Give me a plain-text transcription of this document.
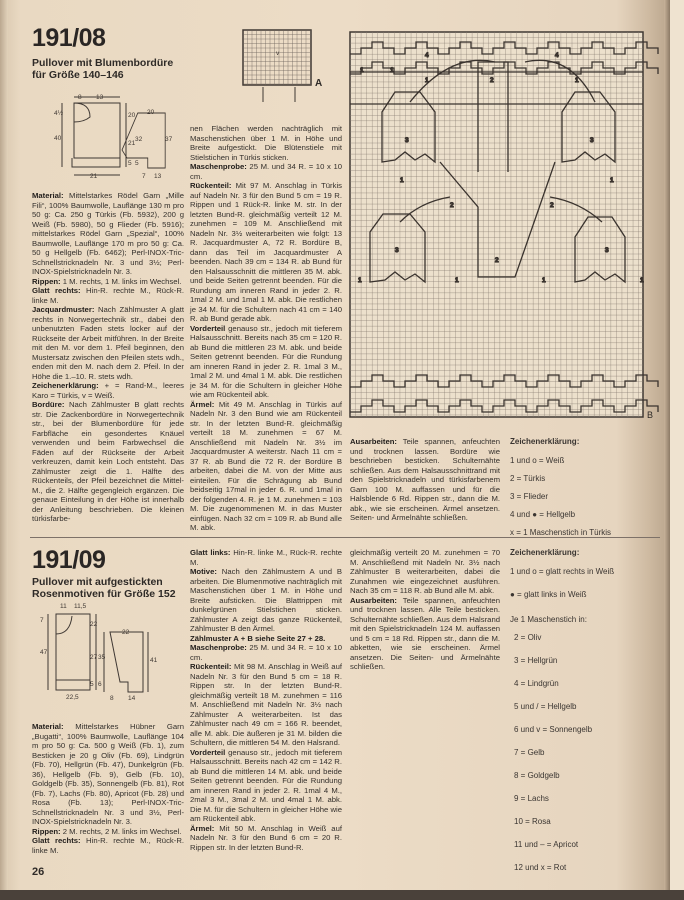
191/08
Pullover mit Blumenbordüre
für Größe 140–146
8 13
4½
40
20
21
5
21
20
32
5
37
7 13
v
A	1	2	1
3	3
1
2	2
2
3	3
1
1	1	1	1
4	4
1	1
B

Material: Mittelstarkes Rödel Garn „Mille Fili“, 100% Baumwolle, Lauflänge 130 m pro 50 g: Ca. 250 g Türkis (Fb. 5932), 200 g Weiß (Fb. 5980), 50 g Flieder (Fb. 5916); mittelstarkes Rödel Garn „Spezial“, 100% Baumwolle, Lauflänge 170 m pro 50 g: Ca. 50 g Hellgelb (Fb. 6462); Perl-INOX-Tric-Schnellstricknadeln Nr. 3 und 3½; Perl-INOX-Spielstricknadeln Nr. 3.

Rippen: 1 M. rechts, 1 M. links im Wechsel.

Glatt rechts: Hin-R. rechte M., Rück-R. linke M.

Jacquardmuster: Nach Zählmuster A glatt rechts in Norwegertechnik str., dabei den unbenutzten Faden stets locker auf der Rückseite der Arbeit mitführen. In der Breite mit den M. vor dem 1. Pfeil beginnen, den Mustersatz zwischen den Pfeilen stets wdh., enden mit den M. nach dem 2. Pfeil. In der Höhe die 1.–10. R. stets wdh.

Zeichenerklärung: + = Rand-M., leeres Karo = Türkis, v = Weiß.

Bordüre: Nach Zählmuster B glatt rechts str. Die Zackenbordüre in Norwegertechnik str., bei der Blumenbordüre für jede Farbfläche ein gesondertes Knäuel verwenden und beim Farbwechsel die Fäden auf der Rückseite der Arbeit verkreuzen, damit kein Loch entsteht. Das Zählmuster zeigt die 1. Hälfte des Rückenteils, der Pfeil bezeichnet die Mittel-M., die 2. Hälfte gegengleich ergänzen. Die genaue Einteilung in der Höhe ist innerhalb der Anleitung beschrieben. Die kleinen türkisfarbe-

nen Flächen werden nachträglich mit Maschenstichen über 1 M. in Höhe und Breite aufgestickt. Die Blütenstiele mit Stielstichen in Türkis sticken.

Maschenprobe: 25 M. und 34 R. = 10 x 10 cm.

Rückenteil: Mit 97 M. Anschlag in Türkis auf Nadeln Nr. 3 für den Bund 5 cm = 19 R. Rippen und 1 Rück-R. linke M. str. In der letzten Bund-R. gleichmäßig verteilt 12 M. zunehmen = 109 M. Anschließend mit Nadeln Nr. 3½ weiterarbeiten wie folgt: 13 R. Jacquardmuster A, 72 R. Bordüre B, dann das Teil im Jacquardmuster A beenden. Nach 39 cm = 134 R. ab Bund für den Halsausschnitt die mittleren 35 M. abk. und beide Seiten getrennt beenden. Für die Rundung am inneren Rand in jeder 2. R. 1mal 2 M. und 1mal 1 M. abk. Die restlichen je 34 M. für die Schultern nach 41 cm = 140 R. ab Bund gerade abk.

Vorderteil genauso str., jedoch mit tieferem Halsausschnitt. Bereits nach 35 cm = 120 R. ab Bund die mittleren 23 M. abk. und beide Seiten getrennt beenden. Für die Rundung am inneren Rand in jeder 2. R. 1mal 3 M., 1mal 2 M. und 4mal 1 M. abk. Die restlichen je 34 M. für die Schultern in gleicher Höhe wie am Rückenteil abk.

Ärmel: Mit 49 M. Anschlag in Türkis auf Nadeln Nr. 3 den Bund wie am Rückenteil str. In der letzten Bund-R. gleichmäßig verteilt 18 M. zunehmen = 67 M. Anschließend mit Nadeln Nr. 3½ im Jacquardmuster A weiterstr. Nach 11 cm = 37 R. ab Bund die 72 R. der Bordüre B arbeiten, dabei die M. von der Mitte aus einteilen. Für die Schrägung ab Bund beidseitig 17mal in jeder 6. R. und 1mal in der folgenden 4. R. je 1 M. zunehmen = 103 M. Die zugenommenen M. in das Muster einfügen. Nach 32 cm = 109 R. ab Bund alle M. abk.

Ausarbeiten: Teile spannen, anfeuchten und trocknen lassen. Bordüre wie beschrieben besticken. Schulternähte schließen. Aus dem Halsausschnittrand mit den Spielstricknadeln und türkisfarbenem Garn 100 M. auffassen und für die Halsblende 6 Rd. Rippen str., dann die M. abk., wie sie erscheinen. Ärmel ansetzen. Seiten- und Ärmelnähte schließen.

Zeichenerklärung:
1 und o = Weiß
2 = Türkis
3 = Flieder
4 und ● = Hellgelb
x = 1 Maschenstich in Türkis
191/09
Pullover mit aufgestickten
Rosenmotiven für Größe 152
11 11,5
7
47
22
27
5
22,5
22
35
6
41
8 14

Material: Mittelstarkes Hübner Garn „Bugatti“, 100% Baumwolle, Lauflänge 104 m pro 50 g: Ca. 500 g Weiß (Fb. 1), zum Besticken je 20 g Oliv (Fb. 69), Lindgrün (Fb. 70), Hellgrün (Fb. 47), Dunkelgrün (Fb. 36), Hellgelb (Fb. 9), Gelb (Fb. 10), Goldgelb (Fb. 35), Sonnengelb (Fb. 81), Rot (Fb. 7), Lachs (Fb. 80), Apricot (Fb. 28) und Rosa (Fb. 13); Perl-INOX-Tric-Schnellstricknadeln Nr. 3 und 3½, Perl-INOX-Spielstricknadeln Nr. 3.

Rippen: 2 M. rechts, 2 M. links im Wechsel.

Glatt rechts: Hin-R. rechte M., Rück-R. linke M.

Glatt links: Hin-R. linke M., Rück-R. rechte M.

Motive: Nach den Zählmustern A und B arbeiten. Die Blumenmotive nachträglich mit Maschenstichen über 1 M. in Höhe und Breite aufsticken. Die Blattrippen mit dunkelgrünen Stielstichen sticken. Zählmuster A zeigt das ganze Rückenteil, Zählmuster B den Ärmel.

Zählmuster A + B siehe Seite 27 + 28.

Maschenprobe: 25 M. und 34 R. = 10 x 10 cm.

Rückenteil: Mit 98 M. Anschlag in Weiß auf Nadeln Nr. 3 für den Bund 5 cm = 18 R. Rippen str. In der letzten Bund-R. gleichmäßig verteilt 18 M. zunehmen = 116 M. Anschließend mit Nadeln Nr. 3½ nach Zählmuster A weiterarbeiten. Ist das Zählmuster nach 49 cm = 166 R. beendet, alle M. abk. Die äußeren je 31 M. bilden die Schultern, die mittleren 54 M. den Halsrand.

Vorderteil genauso str., jedoch mit tieferem Halsausschnitt. Bereits nach 42 cm = 142 R. ab Bund die mittleren 14 M. abk. und beide Seiten getrennt beenden. Für die Rundung am inneren Rand in jeder 2. R. 1mal 4 M., 2mal 3 M., 3mal 2 M. und 4mal 1 M. abk. Die M. für die Schultern in gleicher Höhe wie am Rückenteil abk.

Ärmel: Mit 50 M. Anschlag in Weiß auf Nadeln Nr. 3 für den Bund 6 cm = 20 R. Rippen str. In der letzten Bund-R.

gleichmäßig verteilt 20 M. zunehmen = 70 M. Anschließend mit Nadeln Nr. 3½ nach Zählmuster B weiterarbeiten, dabei die Zunahmen wie eingezeichnet ausführen. Nach 35 cm = 118 R. ab Bund alle M. abk.

Ausarbeiten: Teile spannen, anfeuchten und trocknen lassen. Alle Teile besticken. Schulternähte schließen. Aus dem Halsrand mit den Spielstricknadeln 124 M. auffassen und 5 cm = 18 Rd. Rippen str., dann die M. abketten, wie sie erscheinen. Ärmel ansetzen. Die Seiten- und Ärmelnähte schließen.

Zeichenerklärung:
1 und o = glatt rechts in Weiß
● = glatt links in Weiß
Je 1 Maschenstich in:
2 = Oliv
3 = Hellgrün
4 = Lindgrün
5 und / = Hellgelb
6 und v = Sonnengelb
7 = Gelb
8 = Goldgelb
9 = Lachs
10 = Rosa
11 und – = Apricot
12 und x = Rot
26
